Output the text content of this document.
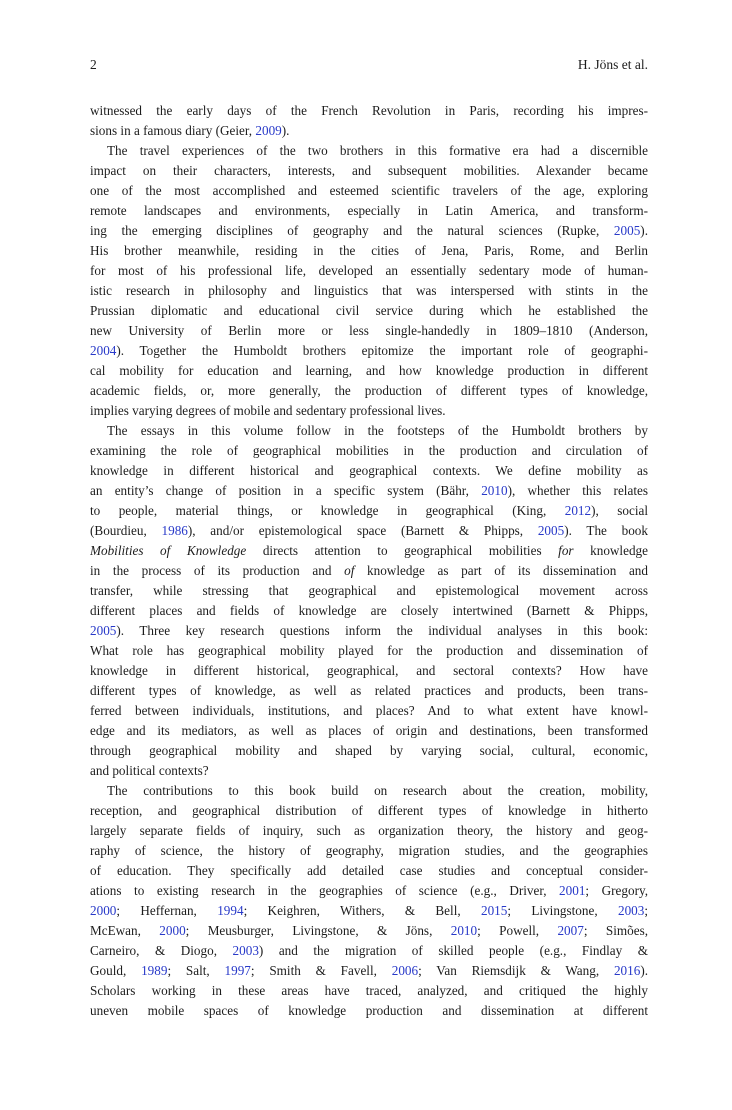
2	H. Jöns et al.
witnessed the early days of the French Revolution in Paris, recording his impres-
sions in a famous diary (Geier, 2009).
The travel experiences of the two brothers in this formative era had a discernible
impact on their characters, interests, and subsequent mobilities. Alexander became
one of the most accomplished and esteemed scientific travelers of the age, exploring
remote landscapes and environments, especially in Latin America, and transform-
ing the emerging disciplines of geography and the natural sciences (Rupke, 2005).
His brother meanwhile, residing in the cities of Jena, Paris, Rome, and Berlin
for most of his professional life, developed an essentially sedentary mode of human-
istic research in philosophy and linguistics that was interspersed with stints in the
Prussian diplomatic and educational civil service during which he established the
new University of Berlin more or less single-handedly in 1809–1810 (Anderson,
2004). Together the Humboldt brothers epitomize the important role of geographi-
cal mobility for education and learning, and how knowledge production in different
academic fields, or, more generally, the production of different types of knowledge,
implies varying degrees of mobile and sedentary professional lives.
The essays in this volume follow in the footsteps of the Humboldt brothers by
examining the role of geographical mobilities in the production and circulation of
knowledge in different historical and geographical contexts. We define mobility as
an entity’s change of position in a specific system (Bähr, 2010), whether this relates
to people, material things, or knowledge in geographical (King, 2012), social
(Bourdieu, 1986), and/or epistemological space (Barnett & Phipps, 2005). The book
Mobilities of Knowledge directs attention to geographical mobilities for knowledge
in the process of its production and of knowledge as part of its dissemination and
transfer, while stressing that geographical and epistemological movement across
different places and fields of knowledge are closely intertwined (Barnett & Phipps,
2005). Three key research questions inform the individual analyses in this book:
What role has geographical mobility played for the production and dissemination of
knowledge in different historical, geographical, and sectoral contexts? How have
different types of knowledge, as well as related practices and products, been trans-
ferred between individuals, institutions, and places? And to what extent have knowl-
edge and its mediators, as well as places of origin and destinations, been transformed
through geographical mobility and shaped by varying social, cultural, economic,
and political contexts?
The contributions to this book build on research about the creation, mobility,
reception, and geographical distribution of different types of knowledge in hitherto
largely separate fields of inquiry, such as organization theory, the history and geog-
raphy of science, the history of geography, migration studies, and the geographies
of education. They specifically add detailed case studies and conceptual consider-
ations to existing research in the geographies of science (e.g., Driver, 2001; Gregory,
2000; Heffernan, 1994; Keighren, Withers, & Bell, 2015; Livingstone, 2003;
McEwan, 2000; Meusburger, Livingstone, & Jöns, 2010; Powell, 2007; Simões,
Carneiro, & Diogo, 2003) and the migration of skilled people (e.g., Findlay &
Gould, 1989; Salt, 1997; Smith & Favell, 2006; Van Riemsdijk & Wang, 2016).
Scholars working in these areas have traced, analyzed, and critiqued the highly
uneven mobile spaces of knowledge production and dissemination at different
